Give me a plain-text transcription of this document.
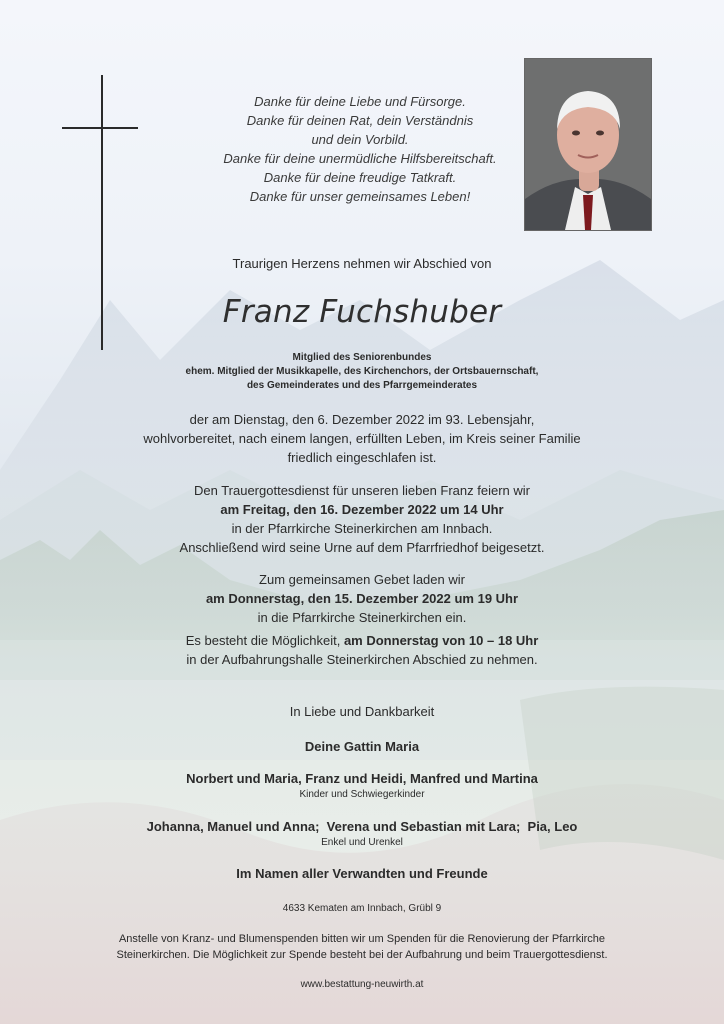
Danke für deine Liebe und Fürsorge.
Danke für deinen Rat, dein Verständnis
und dein Vorbild.
Danke für deine unermüdliche Hilfsbereitschaft.
Danke für deine freudige Tatkraft.
Danke für unser gemeinsames Leben!
Traurigen Herzens nehmen wir Abschied von
Franz Fuchshuber
Mitglied des Seniorenbundes
ehem. Mitglied der Musikkapelle, des Kirchenchors, der Ortsbauernschaft,
des Gemeinderates und des Pfarrgemeinderates
der am Dienstag, den 6. Dezember 2022 im 93. Lebensjahr,
wohlvorbereitet, nach einem langen, erfüllten Leben, im Kreis seiner Familie
friedlich eingeschlafen ist.
Den Trauergottesdienst für unseren lieben Franz feiern wir
am Freitag, den 16. Dezember 2022 um 14 Uhr
in der Pfarrkirche Steinerkirchen am Innbach.
Anschließend wird seine Urne auf dem Pfarrfriedhof beigesetzt.
Zum gemeinsamen Gebet laden wir
am Donnerstag, den 15. Dezember 2022 um 19 Uhr
in die Pfarrkirche Steinerkirchen ein.
Es besteht die Möglichkeit, am Donnerstag von 10 – 18 Uhr
in der Aufbahrungshalle Steinerkirchen Abschied zu nehmen.
In Liebe und Dankbarkeit
Deine Gattin Maria
Norbert und Maria, Franz und Heidi, Manfred und Martina
Kinder und Schwiegerkinder
Johanna, Manuel und Anna;  Verena und Sebastian mit Lara;  Pia, Leo
Enkel und Urenkel
Im Namen aller Verwandten und Freunde
4633 Kematen am Innbach, Grübl 9
Anstelle von Kranz- und Blumenspenden bitten wir um Spenden für die Renovierung der Pfarrkirche
Steinerkirchen. Die Möglichkeit zur Spende besteht bei der Aufbahrung und beim Trauergottesdienst.
www.bestattung-neuwirth.at
